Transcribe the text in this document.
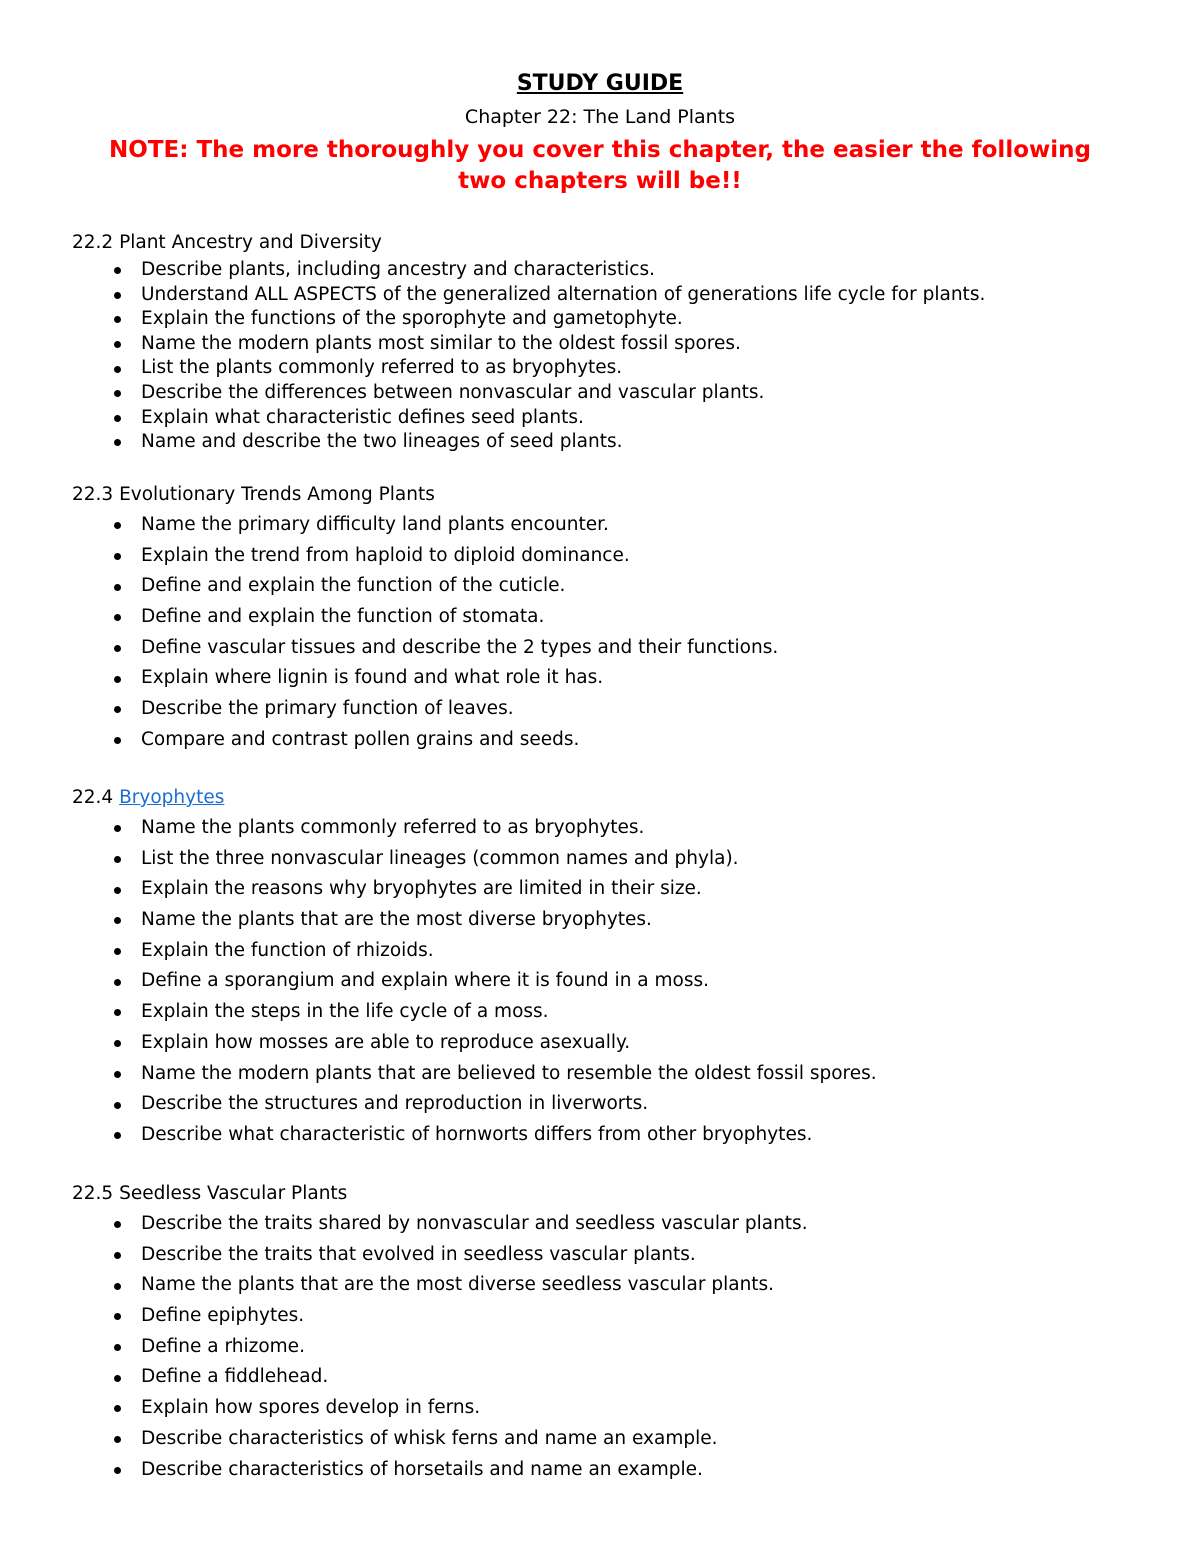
STUDY GUIDE
Chapter 22: The Land Plants
NOTE: The more thoroughly you cover this chapter, the easier the following
two chapters will be!!
22.2 Plant Ancestry and Diversity
Describe plants, including ancestry and characteristics.
Understand ALL ASPECTS of the generalized alternation of generations life cycle for plants.
Explain the functions of the sporophyte and gametophyte.
Name the modern plants most similar to the oldest fossil spores.
List the plants commonly referred to as bryophytes.
Describe the differences between nonvascular and vascular plants.
Explain what characteristic defines seed plants.
Name and describe the two lineages of seed plants.
22.3 Evolutionary Trends Among Plants
Name the primary difficulty land plants encounter.
Explain the trend from haploid to diploid dominance.
Define and explain the function of the cuticle.
Define and explain the function of stomata.
Define vascular tissues and describe the 2 types and their functions.
Explain where lignin is found and what role it has.
Describe the primary function of leaves.
Compare and contrast pollen grains and seeds.
22.4 Bryophytes
Name the plants commonly referred to as bryophytes.
List the three nonvascular lineages (common names and phyla).
Explain the reasons why bryophytes are limited in their size.
Name the plants that are the most diverse bryophytes.
Explain the function of rhizoids.
Define a sporangium and explain where it is found in a moss.
Explain the steps in the life cycle of a moss.
Explain how mosses are able to reproduce asexually.
Name the modern plants that are believed to resemble the oldest fossil spores.
Describe the structures and reproduction in liverworts.
Describe what characteristic of hornworts differs from other bryophytes.
22.5 Seedless Vascular Plants
Describe the traits shared by nonvascular and seedless vascular plants.
Describe the traits that evolved in seedless vascular plants.
Name the plants that are the most diverse seedless vascular plants.
Define epiphytes.
Define a rhizome.
Define a fiddlehead.
Explain how spores develop in ferns.
Describe characteristics of whisk ferns and name an example.
Describe characteristics of horsetails and name an example.
